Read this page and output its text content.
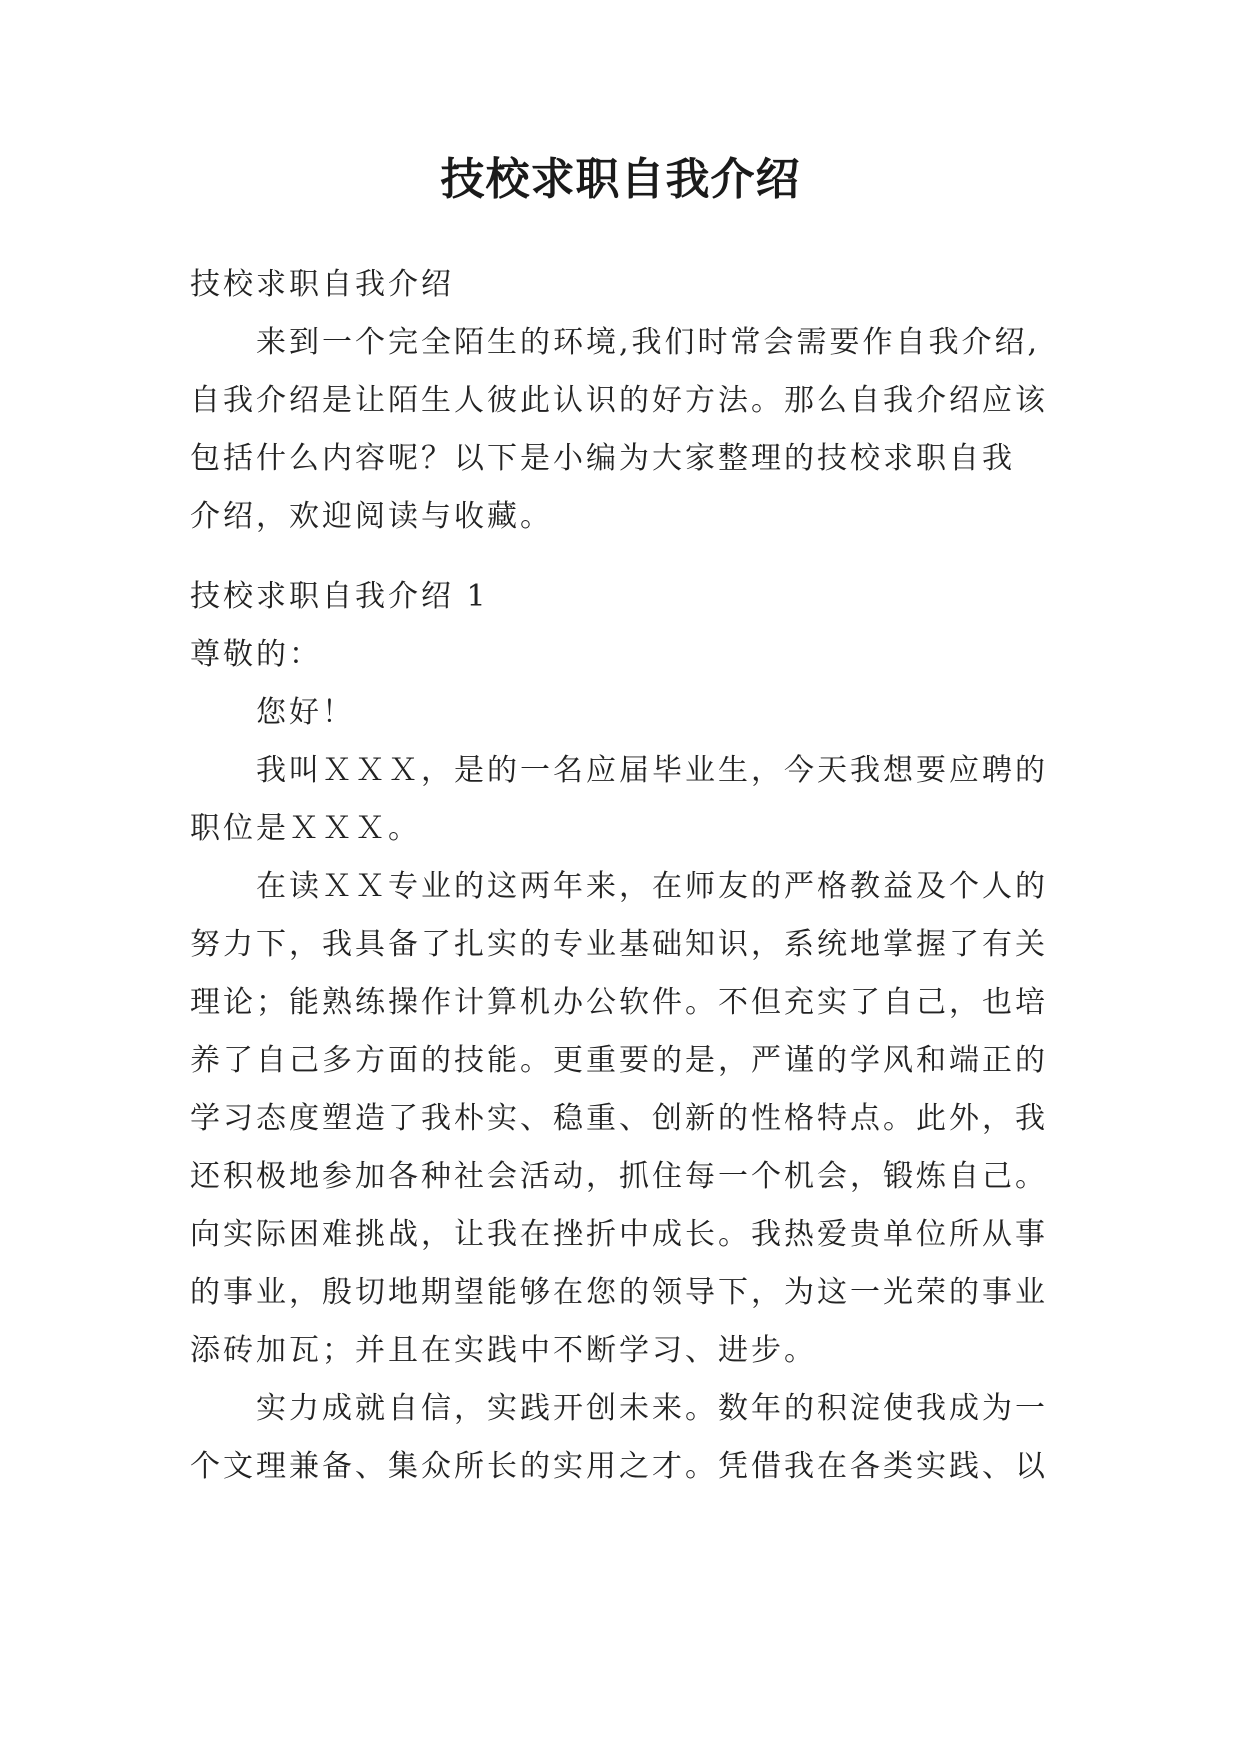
技校求职自我介绍
技校求职自我介绍
来到一个完全陌生的环境,我们时常会需要作自我介绍,
自我介绍是让陌生人彼此认识的好方法。那么自我介绍应该
包括什么内容呢？以下是小编为大家整理的技校求职自我
介绍，欢迎阅读与收藏。
技校求职自我介绍 1
尊敬的：
您好！
我叫ＸＸＸ，是的一名应届毕业生，今天我想要应聘的
职位是ＸＸＸ。
在读ＸＸ专业的这两年来，在师友的严格教益及个人的
努力下，我具备了扎实的专业基础知识，系统地掌握了有关
理论；能熟练操作计算机办公软件。不但充实了自己，也培
养了自己多方面的技能。更重要的是，严谨的学风和端正的
学习态度塑造了我朴实、稳重、创新的性格特点。此外，我
还积极地参加各种社会活动，抓住每一个机会，锻炼自己。
向实际困难挑战，让我在挫折中成长。我热爱贵单位所从事
的事业，殷切地期望能够在您的领导下，为这一光荣的事业
添砖加瓦；并且在实践中不断学习、进步。
实力成就自信，实践开创未来。数年的积淀使我成为一
个文理兼备、集众所长的实用之才。凭借我在各类实践、以
